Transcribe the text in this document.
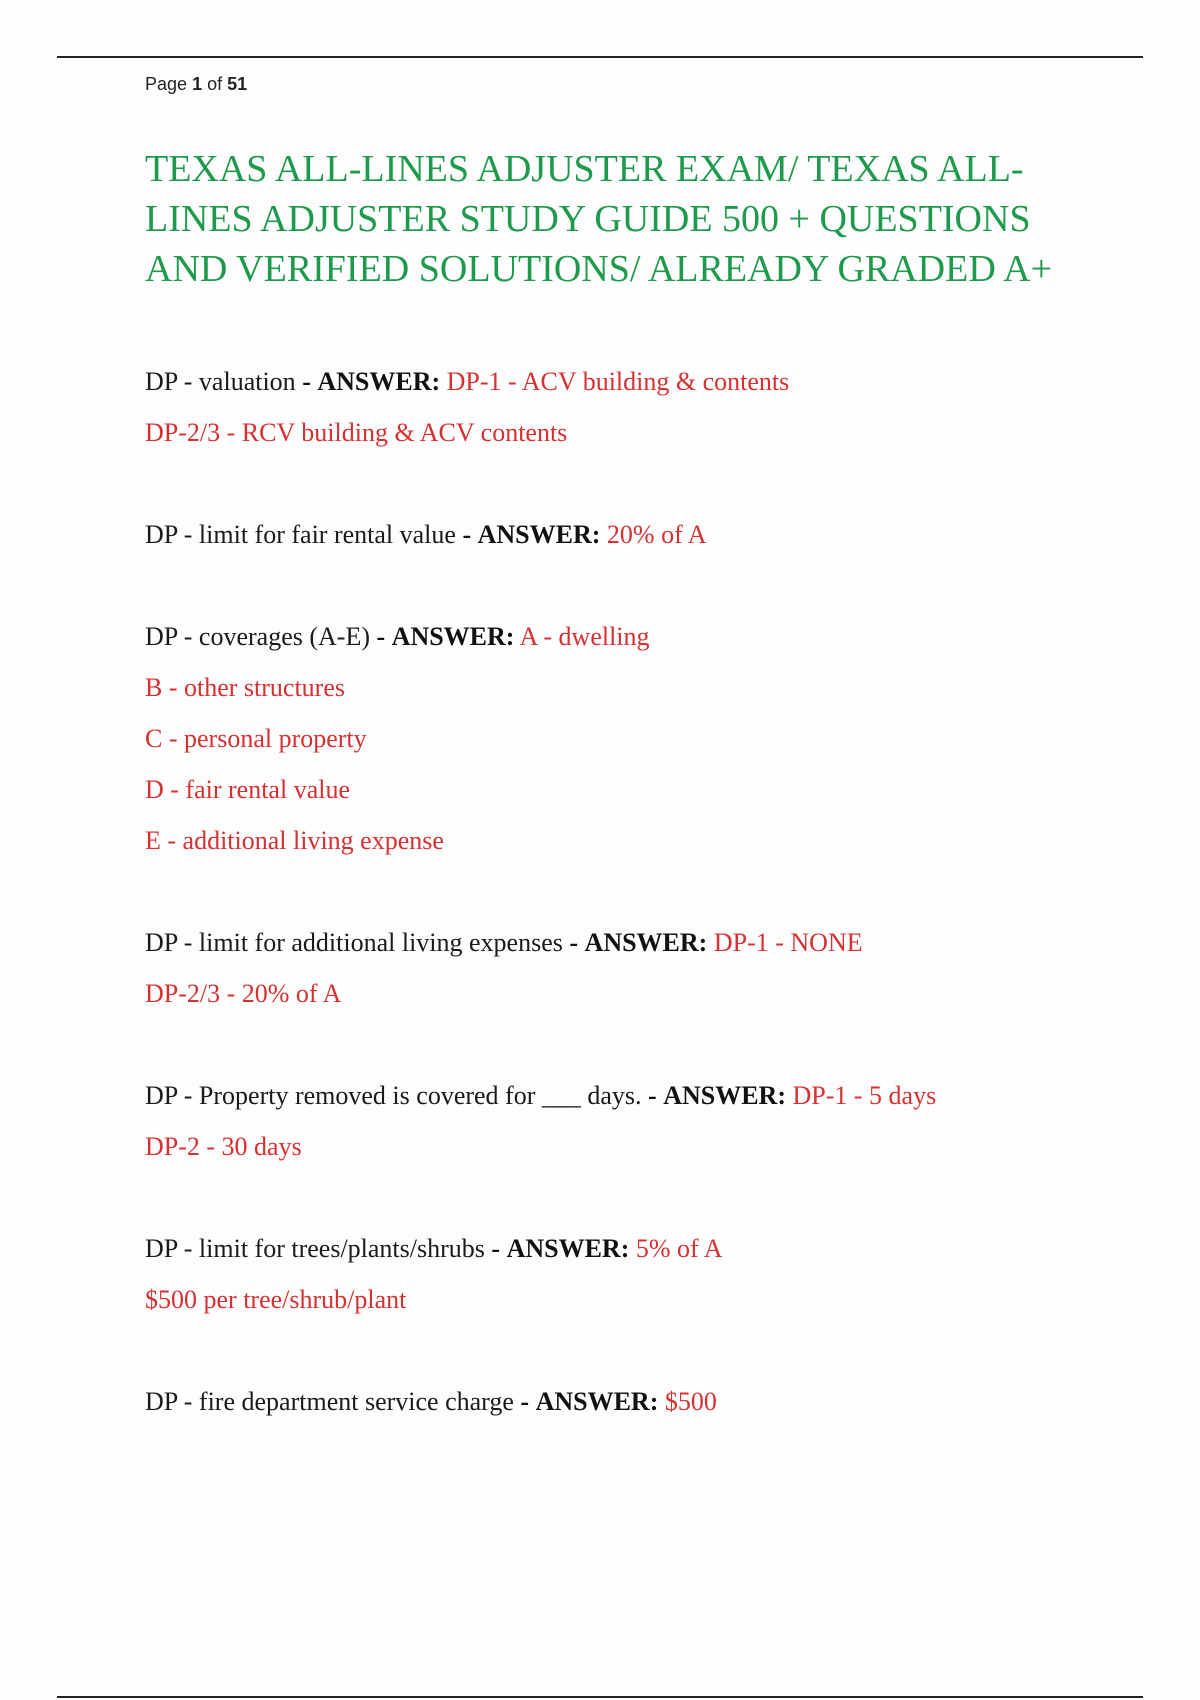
Page 1 of 51
TEXAS ALL-LINES ADJUSTER EXAM/ TEXAS ALL-LINES ADJUSTER STUDY GUIDE 500 + QUESTIONS AND VERIFIED SOLUTIONS/ ALREADY GRADED A+
DP - valuation - ANSWER: DP-1 - ACV building & contents
DP-2/3 - RCV building & ACV contents
DP - limit for fair rental value - ANSWER: 20% of A
DP - coverages (A-E) - ANSWER: A - dwelling
B - other structures
C - personal property
D - fair rental value
E - additional living expense
DP - limit for additional living expenses - ANSWER: DP-1 - NONE
DP-2/3 - 20% of A
DP - Property removed is covered for ___ days. - ANSWER: DP-1 - 5 days
DP-2 - 30 days
DP - limit for trees/plants/shrubs - ANSWER: 5% of A
$500 per tree/shrub/plant
DP - fire department service charge - ANSWER: $500
